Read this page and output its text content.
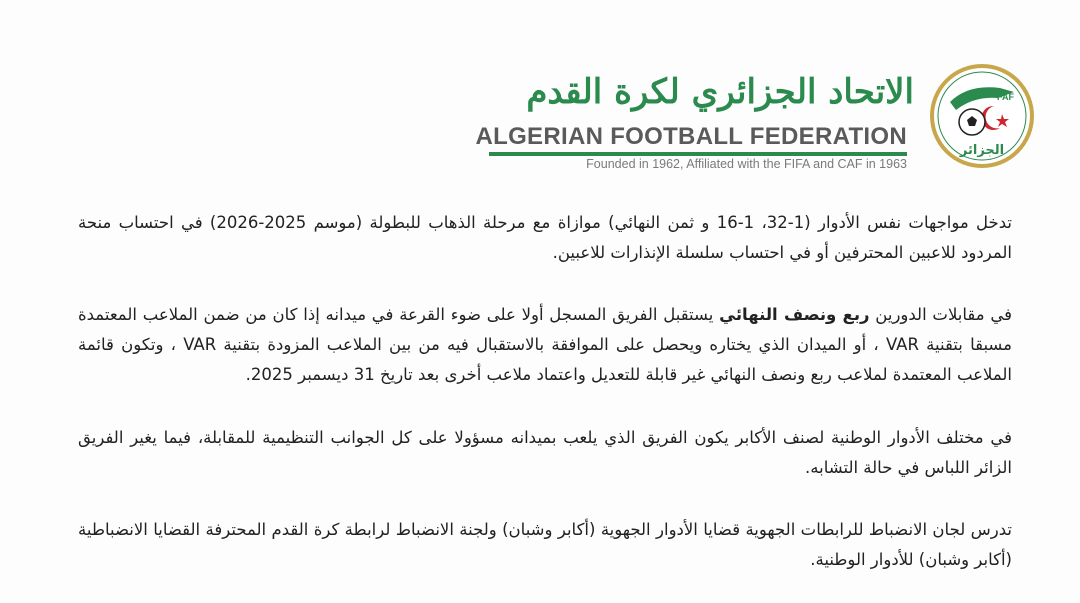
FAF
الجزائر
الاتحاد الجزائري لكرة القدم
ALGERIAN FOOTBALL FEDERATION
Founded in 1962, Affiliated with the FIFA and CAF in 1963

تدخل مواجهات نفس الأدوار (1-32، 1-16 و ثمن النهائي) موازاة مع مرحلة الذهاب للبطولة (موسم 2025-2026) في احتساب منحة المردود للاعبين المحترفين أو في احتساب سلسلة الإنذارات للاعبين.

في مقابلات الدورين ربع ونصف النهائي يستقبل الفريق المسجل أولا على ضوء القرعة في ميدانه إذا كان من ضمن الملاعب المعتمدة مسبقا بتقنية VAR ، أو الميدان الذي يختاره ويحصل على الموافقة بالاستقبال فيه من بين الملاعب المزودة بتقنية VAR ، وتكون قائمة الملاعب المعتمدة لملاعب ربع ونصف النهائي غير قابلة للتعديل واعتماد ملاعب أخرى بعد تاريخ 31 ديسمبر 2025.

في مختلف الأدوار الوطنية لصنف الأكابر يكون الفريق الذي يلعب بميدانه مسؤولا على كل الجوانب التنظيمية للمقابلة، فيما يغير الفريق الزائر اللباس في حالة التشابه.

تدرس لجان الانضباط للرابطات الجهوية قضايا الأدوار الجهوية (أكابر وشبان) ولجنة الانضباط لرابطة كرة القدم المحترفة القضايا الانضباطية (أكابر وشبان) للأدوار الوطنية.
